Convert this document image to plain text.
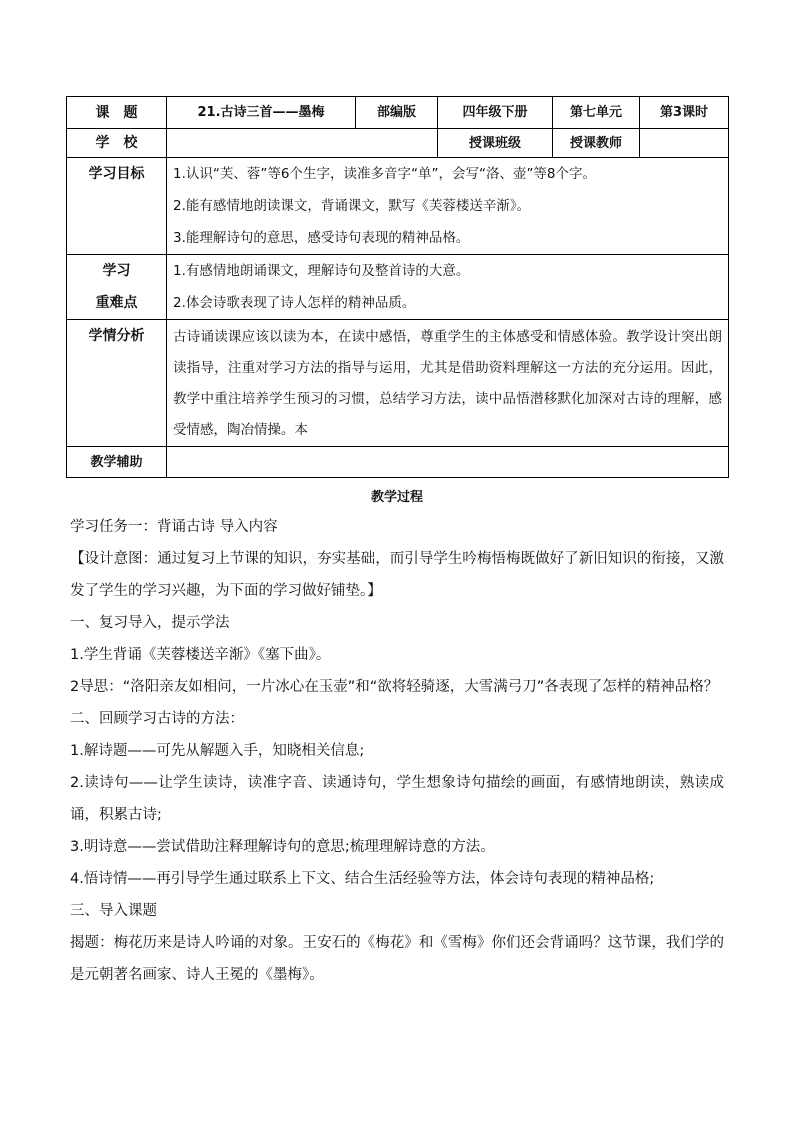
课　题	21.古诗三首——墨梅	部编版	四年级下册	第七单元	第3课时
学　校			授课班级	授课教师	

学习目标	1.认识“芙、蓉”等6个生字，读准多音字“单”，会写“洛、壶”等8个字。
2.能有感情地朗读课文，背诵课文，默写《芙蓉楼送辛渐》。
3.能理解诗句的意思，感受诗句表现的精神品格。				

学习
重难点	1.有感情地朗诵课文，理解诗句及整首诗的大意。
2.体会诗歌表现了诗人怎样的精神品质。				

学情分析	古诗诵读课应该以读为本，在读中感悟，尊重学生的主体感受和情感体验。教学设计突出朗读指导，注重对学习方法的指导与运用，尤其是借助资料理解这一方法的充分运用。因此，教学中重注培养学生预习的习惯，总结学习方法，读中品悟潜移默化加深对古诗的理解，感受情感，陶冶情操。本				

教学辅助					
教学过程
学习任务一：背诵古诗 导入内容
【设计意图：通过复习上节课的知识，夯实基础，而引导学生吟梅悟梅既做好了新旧知识的衔接，又激发了学生的学习兴趣，为下面的学习做好铺垫。】
一、复习导入，提示学法
1.学生背诵《芙蓉楼送辛渐》《塞下曲》。
2导思：“洛阳亲友如相问，一片冰心在玉壶”和“欲将轻骑逐，大雪满弓刀”各表现了怎样的精神品格？
二、回顾学习古诗的方法：
1.解诗题——可先从解题入手，知晓相关信息;
2.读诗句——让学生读诗，读准字音、读通诗句，学生想象诗句描绘的画面，有感情地朗读，熟读成诵，积累古诗;
3.明诗意——尝试借助注释理解诗句的意思;梳理理解诗意的方法。
4.悟诗情——再引导学生通过联系上下文、结合生活经验等方法，体会诗句表现的精神品格;
三、导入课题
揭题：梅花历来是诗人吟诵的对象。王安石的《梅花》和《雪梅》你们还会背诵吗？这节课，我们学的是元朝著名画家、诗人王冕的《墨梅》。
